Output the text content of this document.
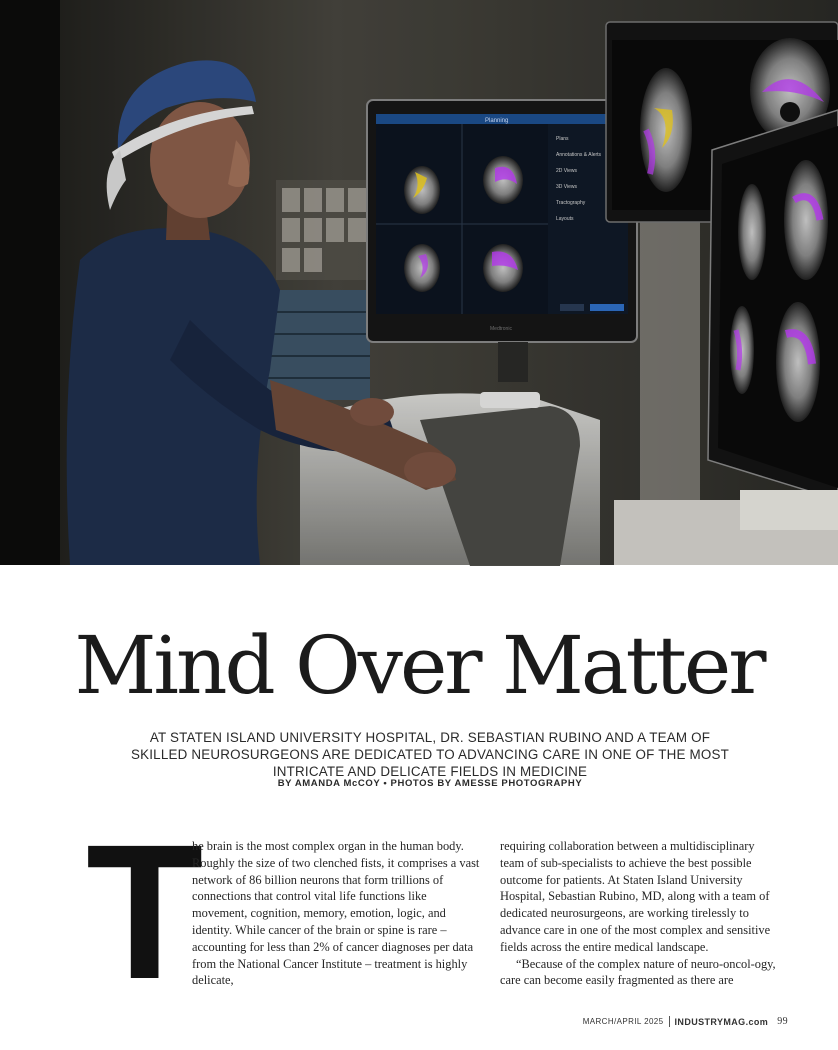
Planning
Plans
Annotations & Alerts
2D Views
3D Views
Tractography
Layouts
Medtronic
Mind Over Matter

AT STATEN ISLAND UNIVERSITY HOSPITAL, DR. SEBASTIAN RUBINO AND A TEAM OF SKILLED NEUROSURGEONS ARE DEDICATED TO ADVANCING CARE IN ONE OF THE MOST INTRICATE AND DELICATE FIELDS IN MEDICINE

BY AMANDA McCOY • PHOTOS BY AMESSE PHOTOGRAPHY

T

he brain is the most complex organ in the human body. Roughly the size of two clenched fists, it comprises a vast network of 86 billion neurons that form trillions of connections that control vital life functions like movement, cognition, memory, emotion, logic, and identity. While cancer of the brain or spine is rare – accounting for less than 2% of cancer diagnoses per data from the National Cancer Institute – treatment is highly delicate,

requiring collaboration between a multidisciplinary team of sub-specialists to achieve the best possible outcome for patients. At Staten Island University Hospital, Sebastian Rubino, MD, along with a team of dedicated neurosurgeons, are working tirelessly to advance care in one of the most complex and sensitive fields across the entire medical landscape.
“Because of the complex nature of neuro-oncol-ogy, care can become easily fragmented as there are

MARCH/APRIL 2025 INDUSTRYMAG.com 99
